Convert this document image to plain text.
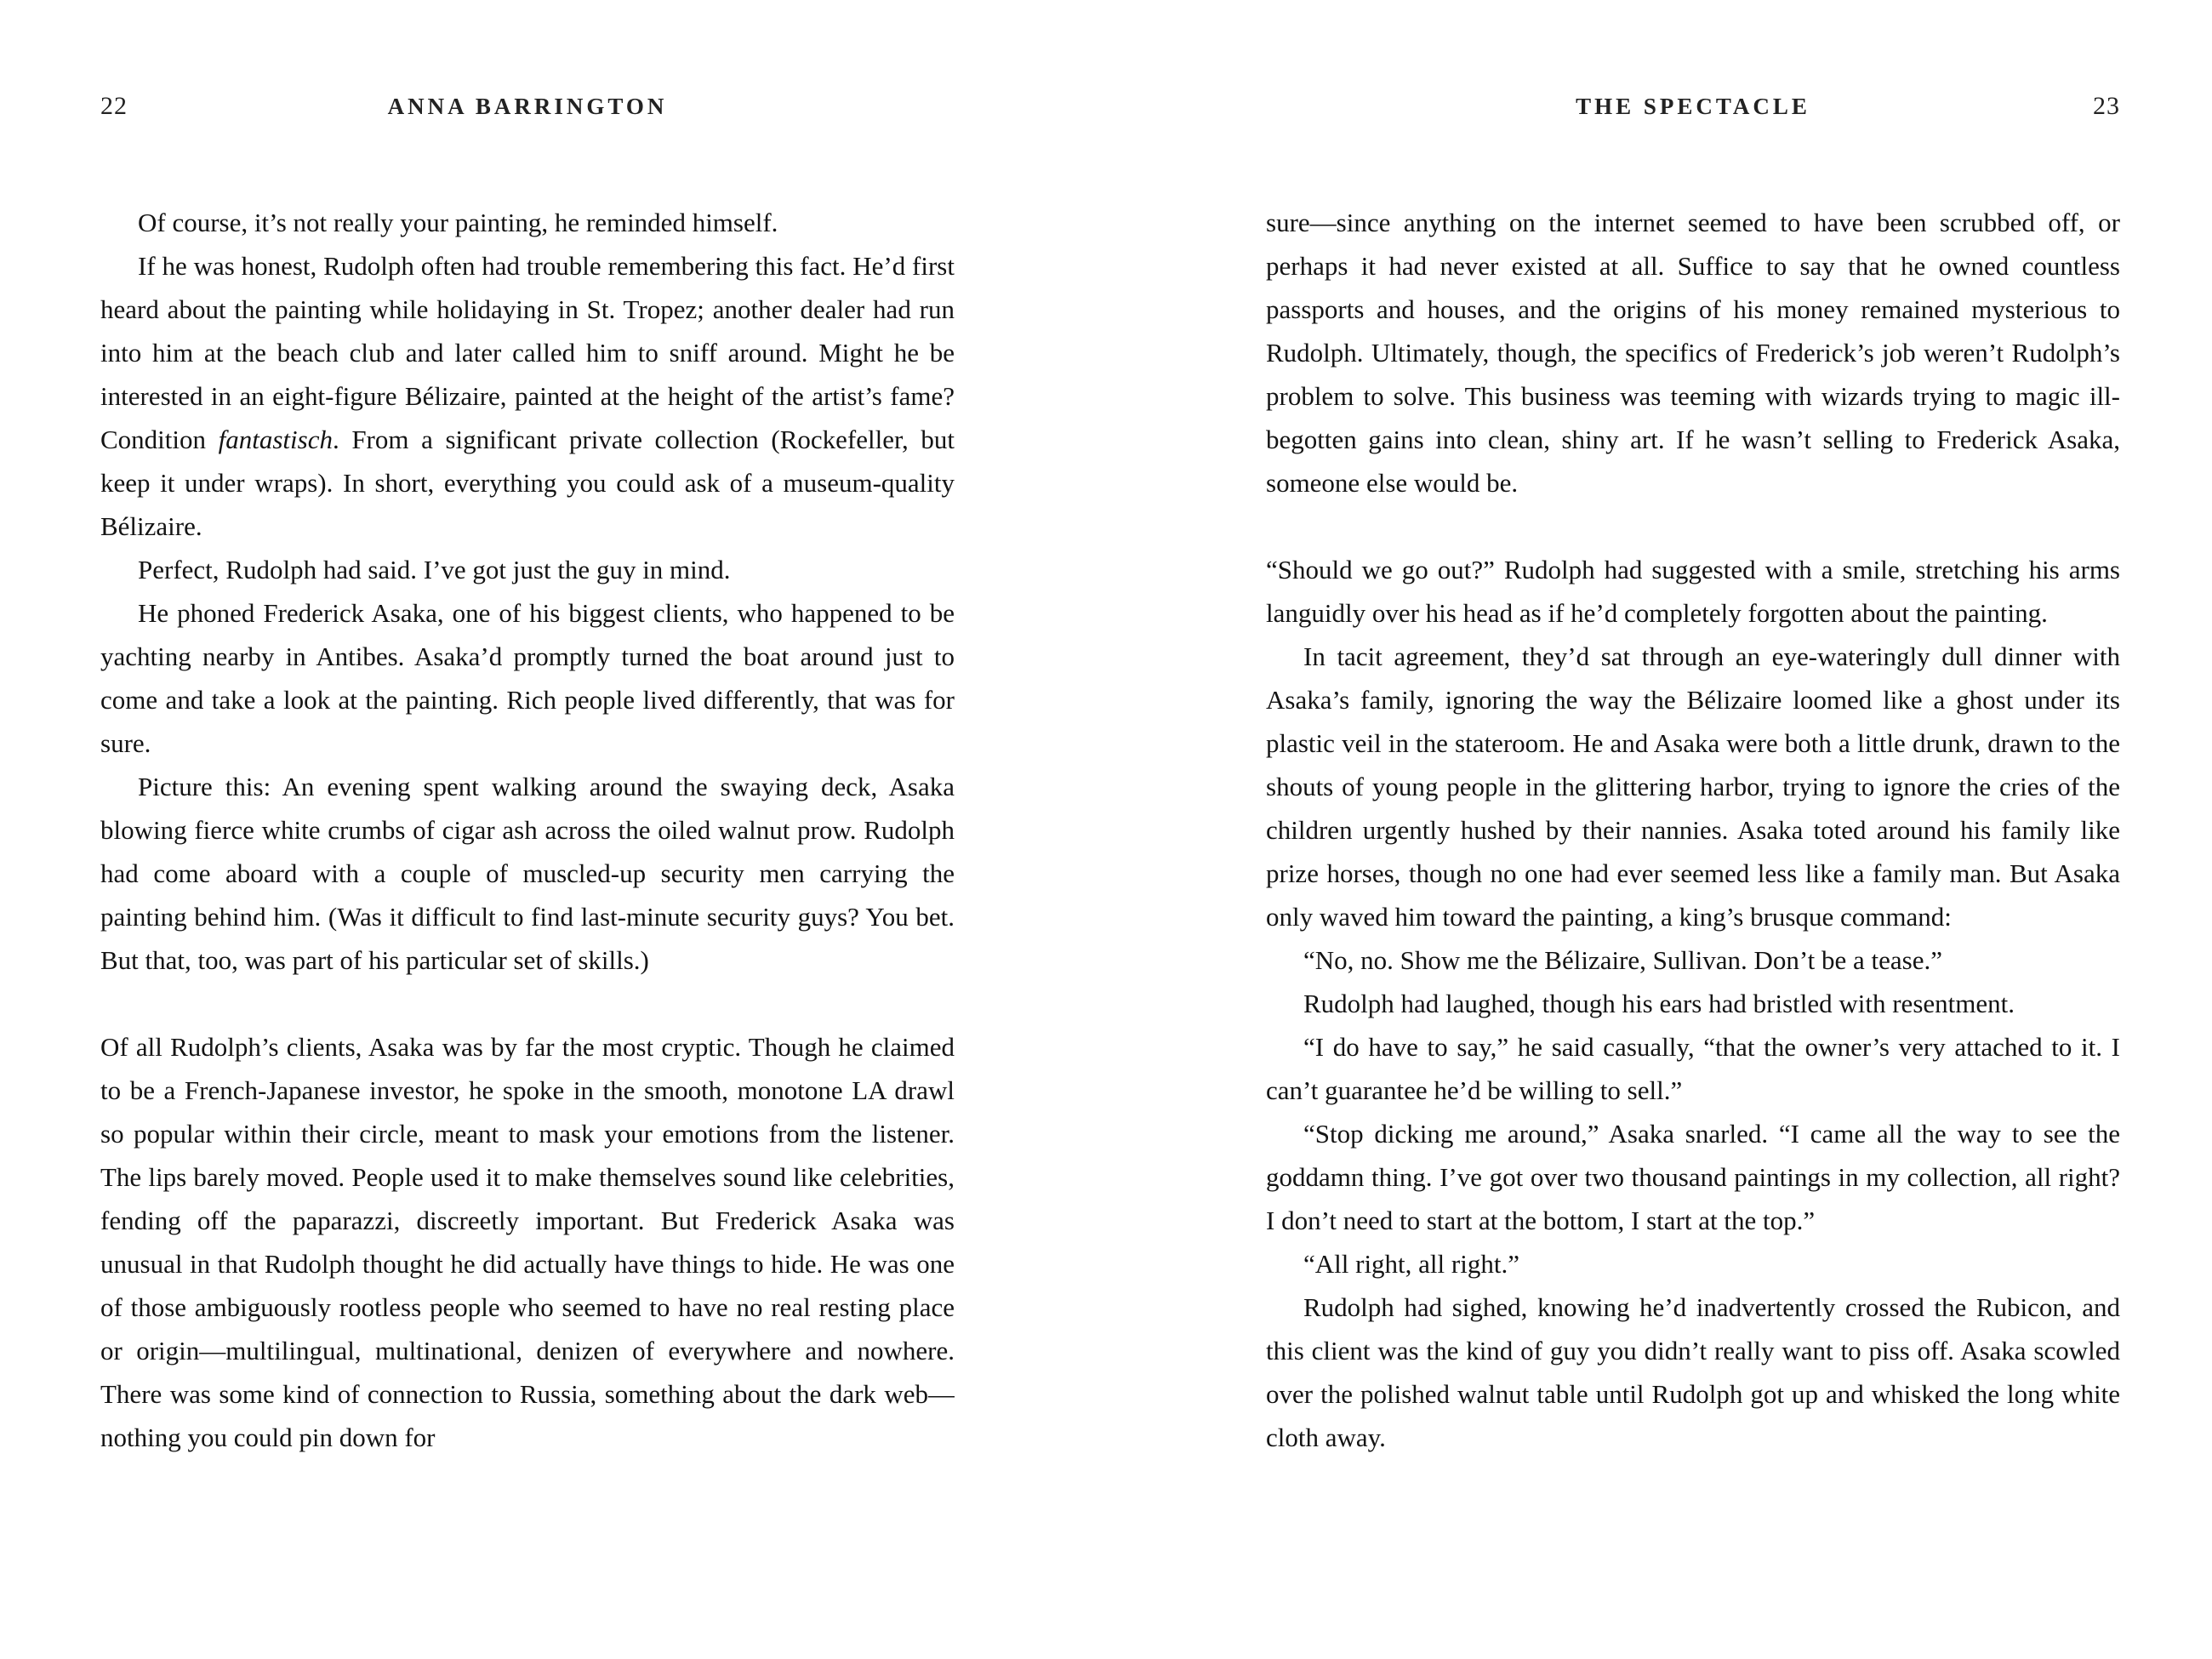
22	ANNA BARRINGTON

Of course, it’s not really your painting, he reminded himself.

If he was honest, Rudolph often had trouble remembering this fact. He’d first heard about the painting while holidaying in St. Tropez; another dealer had run into him at the beach club and later called him to sniff around. Might he be interested in an eight-figure Bélizaire, painted at the height of the artist’s fame? Condition fantastisch. From a significant private collection (Rockefeller, but keep it under wraps). In short, everything you could ask of a museum-quality Bélizaire.

Perfect, Rudolph had said. I’ve got just the guy in mind.

He phoned Frederick Asaka, one of his biggest clients, who happened to be yachting nearby in Antibes. Asaka’d promptly turned the boat around just to come and take a look at the painting. Rich people lived differently, that was for sure.

Picture this: An evening spent walking around the swaying deck, Asaka blowing fierce white crumbs of cigar ash across the oiled walnut prow. Rudolph had come aboard with a couple of muscled-up security men carrying the painting behind him. (Was it difficult to find last-minute security guys? You bet. But that, too, was part of his particular set of skills.)

Of all Rudolph’s clients, Asaka was by far the most cryptic. Though he claimed to be a French-Japanese investor, he spoke in the smooth, monotone LA drawl so popular within their circle, meant to mask your emotions from the listener. The lips barely moved. People used it to make themselves sound like celebrities, fending off the paparazzi, discreetly important. But Frederick Asaka was unusual in that Rudolph thought he did actually have things to hide. He was one of those ambiguously rootless people who seemed to have no real resting place or origin—multilingual, multinational, denizen of everywhere and nowhere. There was some kind of connection to Russia, something about the dark web—nothing you could pin down for

THE SPECTACLE	23

sure—since anything on the internet seemed to have been scrubbed off, or perhaps it had never existed at all. Suffice to say that he owned countless passports and houses, and the origins of his money remained mysterious to Rudolph. Ultimately, though, the specifics of Frederick’s job weren’t Rudolph’s problem to solve. This business was teeming with wizards trying to magic ill-begotten gains into clean, shiny art. If he wasn’t selling to Frederick Asaka, someone else would be.

“Should we go out?” Rudolph had suggested with a smile, stretching his arms languidly over his head as if he’d completely forgotten about the painting.

In tacit agreement, they’d sat through an eye-wateringly dull dinner with Asaka’s family, ignoring the way the Bélizaire loomed like a ghost under its plastic veil in the stateroom. He and Asaka were both a little drunk, drawn to the shouts of young people in the glittering harbor, trying to ignore the cries of the children urgently hushed by their nannies. Asaka toted around his family like prize horses, though no one had ever seemed less like a family man. But Asaka only waved him toward the painting, a king’s brusque command:

“No, no. Show me the Bélizaire, Sullivan. Don’t be a tease.”

Rudolph had laughed, though his ears had bristled with resentment.

“I do have to say,” he said casually, “that the owner’s very attached to it. I can’t guarantee he’d be willing to sell.”

“Stop dicking me around,” Asaka snarled. “I came all the way to see the goddamn thing. I’ve got over two thousand paintings in my collection, all right? I don’t need to start at the bottom, I start at the top.”

“All right, all right.”

Rudolph had sighed, knowing he’d inadvertently crossed the Rubicon, and this client was the kind of guy you didn’t really want to piss off. Asaka scowled over the polished walnut table until Rudolph got up and whisked the long white cloth away.
